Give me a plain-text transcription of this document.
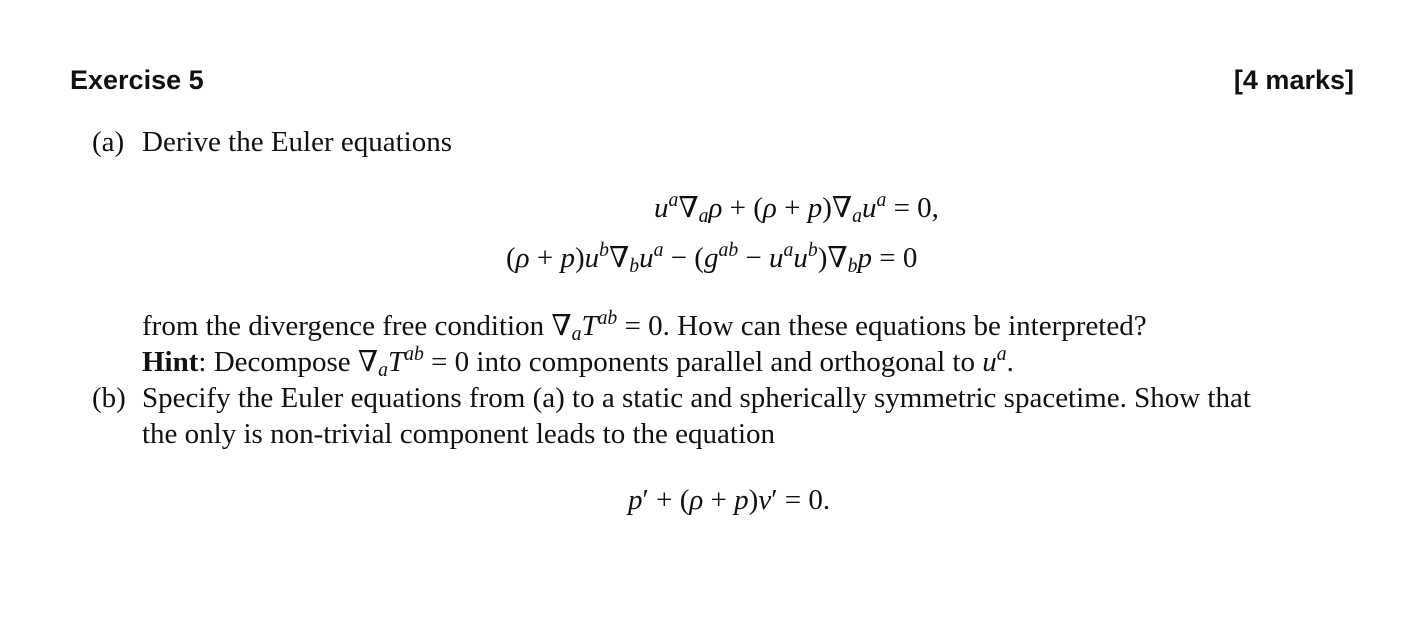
Exercise 5	[4 marks]
(a) Derive the Euler equations
$u^a\nabla_a\rho + (\rho + p)\nabla_au^a = 0$,
$(\rho + p)u^b\nabla_bu^a - (g^{ab} - u^au^b)\nabla_bp = 0$
from the divergence free condition $\nabla_aT^{ab} = 0$. How can these equations be interpreted?
Hint: Decompose $\nabla_aT^{ab} = 0$ into components parallel and orthogonal to $u^a$.
(b) Specify the Euler equations from (a) to a static and spherically symmetric spacetime. Show that
the only is non-trivial component leads to the equation
p′ + (ρ + p)ν′ = 0.
